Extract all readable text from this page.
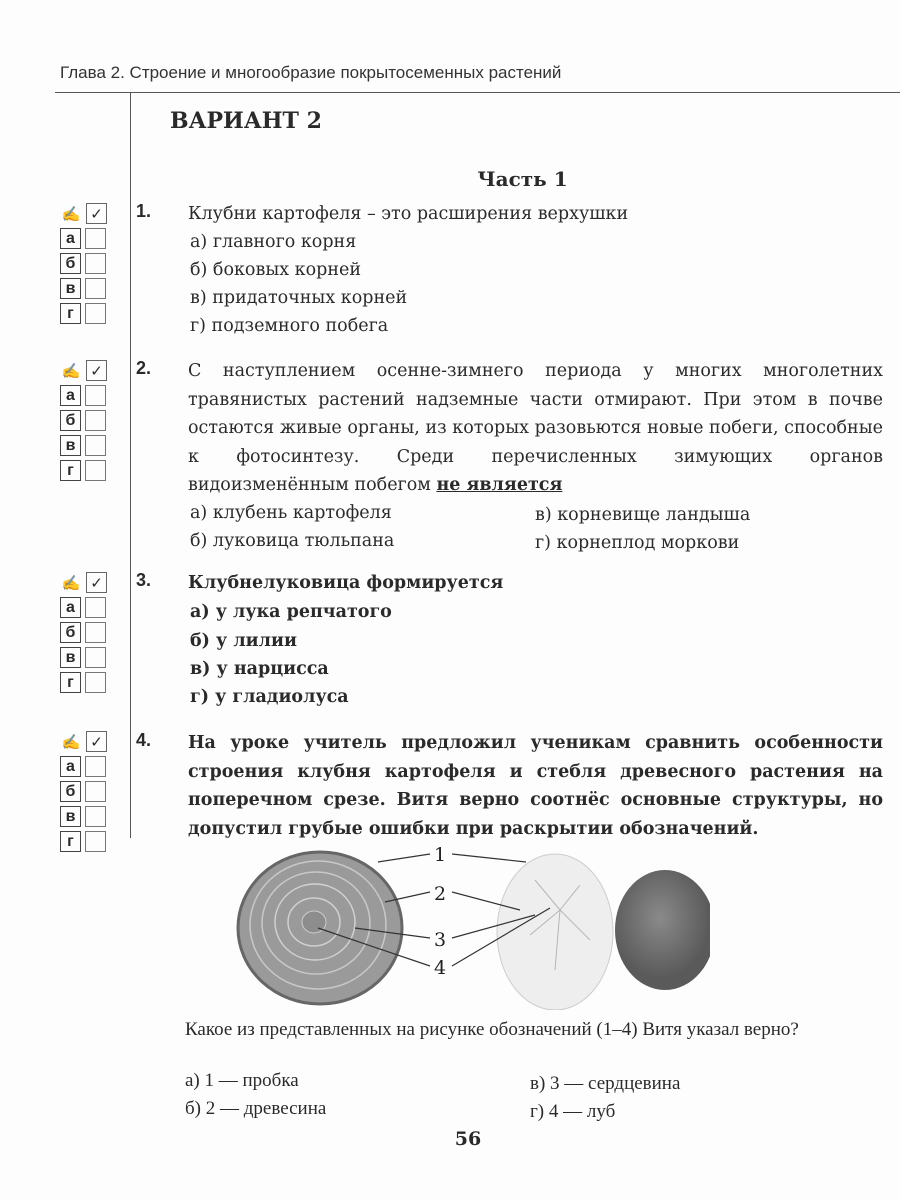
Глава 2. Строение и многообразие покрытосеменных растений
ВАРИАНТ 2
Часть 1
✍ ✓
а
б
в
г
✍ ✓
а
б
в
г
✍ ✓
а
б
в
г
✍ ✓
а
б
в
г
1. Клубни картофеля – это расширения верхушки
а) главного корня
б) боковых корней
в) придаточных корней
г) подземного побега
2. С наступлением осенне-зимнего периода у многих многолетних травянистых растений надземные части отмирают. При этом в почве остаются живые органы, из которых разовьются новые побеги, способные к фотосинтезу. Среди перечисленных зимующих органов видоизменённым побегом не является
а) клубень картофеля
б) луковица тюльпана
в) корневище ландыша
г) корнеплод моркови
3. Клубнелуковица формируется
а) у лука репчатого
б) у лилии
в) у нарцисса
г) у гладиолуса
4. На уроке учитель предложил ученикам сравнить особенности строения клубня картофеля и стебля древесного растения на поперечном срезе. Витя верно соотнёс основные структуры, но допустил грубые ошибки при раскрытии обозначений.
1
2
3
4
Какое из представленных на рисунке обозначений (1–4) Витя указал верно?
а) 1 — пробка
б) 2 — древесина
в) 3 — сердцевина
г) 4 — луб
56
